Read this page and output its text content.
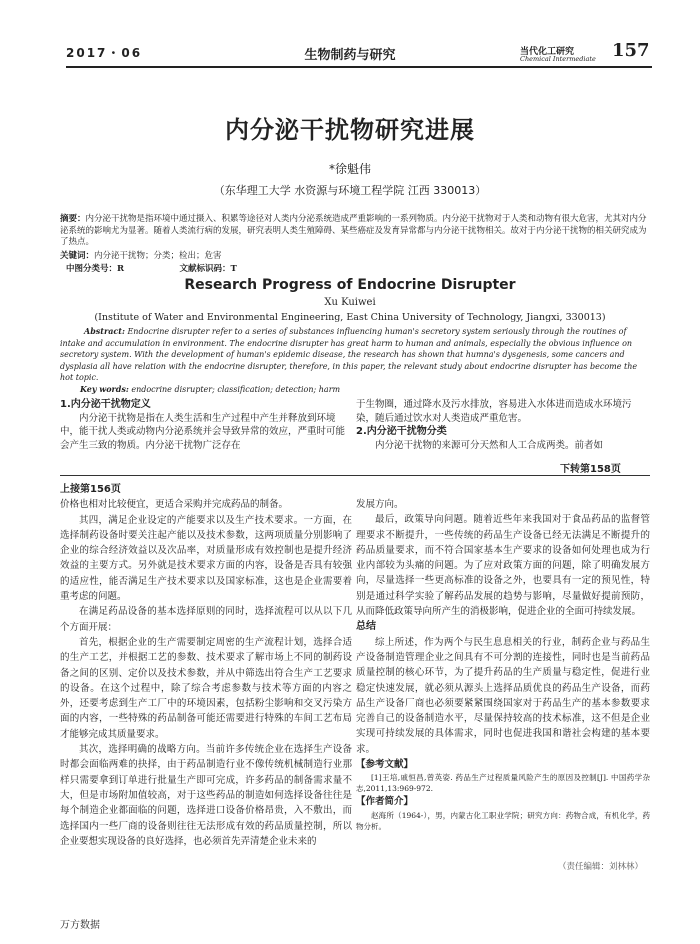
2017・06	生物制药与研究	当代化工研究
Chemical Intermediate 157
内分泌干扰物研究进展
*徐魁伟
（东华理工大学 水资源与环境工程学院 江西 330013）
摘要：内分泌干扰物是指环境中通过摄入、积累等途径对人类内分泌系统造成严重影响的一系列物质。内分泌干扰物对于人类和动物有很大危害，尤其对内分泌系统的影响尤为显著。随着人类流行病的发展，研究表明人类生殖障碍、某些癌症及发育异常都与内分泌干扰物相关。故对于内分泌干扰物的相关研究成为了热点。
关键词：内分泌干扰物；分类；检出；危害
中图分类号：R	文献标识码：T
Research Progress of Endocrine Disrupter
Xu Kuiwei
(Institute of Water and Environmental Engineering, East China University of Technology, Jiangxi, 330013)
Abstract: Endocrine disrupter refer to a series of substances influencing human's secretory system seriously through the routines of intake and accumulation in environment. The endocrine disrupter has great harm to human and animals, especially the obvious influence on secretory system. With the development of human's epidemic disease, the research has shown that humna's dysgenesis, some cancers and dysplasia all have relation with the endocrine disrupter, therefore, in this paper, the relevant study about endocrine disrupter has become the hot topic.
Key words: endocrine disrupter; classification; detection; harm
1.内分泌干扰物定义

内分泌干扰物是指在人类生活和生产过程中产生并释放到环境中，能干扰人类或动物内分泌系统并会导致异常的效应，严重时可能会产生三致的物质。内分泌干扰物广泛存在

于生物圈，通过降水及污水排放，容易进入水体进而造成水环境污染，随后通过饮水对人类造成严重危害。

2.内分泌干扰物分类

内分泌干扰物的来源可分天然和人工合成两类。前者如

下转第158页
上接第156页

价格也相对比较便宜，更适合采购并完成药品的制备。

其四，满足企业设定的产能要求以及生产技术要求。一方面，在选择制药设备时要关注起产能以及技术参数，这两项质量分别影响了企业的综合经济效益以及次品率，对质量形成有效控制也是提升经济效益的主要方式。另外就是技术要求方面的内容，设备是否具有较强的适应性，能否满足生产技术要求以及国家标准，这也是企业需要着重考虑的问题。

在满足药品设备的基本选择原则的同时，选择流程可以从以下几个方面开展：

首先，根据企业的生产需要制定周密的生产流程计划，选择合适的生产工艺，并根据工艺的参数、技术要求了解市场上不同的制药设备之间的区别、定价以及技术参数，并从中筛选出符合生产工艺要求的设备。在这个过程中，除了综合考虑参数与技术等方面的内容之外，还要考虑到生产工厂中的环境因素，包括粉尘影响和交叉污染方面的内容，一些特殊的药品制备可能还需要进行特殊的车间工艺布局才能够完成其质量要求。

其次，选择明确的战略方向。当前许多传统企业在选择生产设备时都会面临两难的抉择，由于药品制造行业不像传统机械制造行业那样只需要拿到订单进行批量生产即可完成，许多药品的制备需求量不大，但是市场附加值较高，对于这些药品的制造如何选择设备往往是每个制造企业都面临的问题，选择进口设备价格昂贵，入不敷出，而选择国内一些厂商的设备则往往无法形成有效的药品质量控制，所以企业要想实现设备的良好选择，也必须首先弄清楚企业未来的

发展方向。

最后，政策导向问题。随着近些年来我国对于食品药品的监督管理要求不断提升，一些传统的药品生产设备已经无法满足不断提升的药品质量要求，而不符合国家基本生产要求的设备如何处理也成为行业内部较为头痛的问题。为了应对政策方面的问题，除了明确发展方向，尽量选择一些更高标准的设备之外，也要具有一定的预见性，特别是通过科学实验了解药品发展的趋势与影响，尽量做好提前预防，从而降低政策导向所产生的消极影响，促进企业的全面可持续发展。

总结

综上所述，作为两个与民生息息相关的行业，制药企业与药品生产设备制造管理企业之间具有不可分割的连接性，同时也是当前药品质量控制的核心环节，为了提升药品的生产质量与稳定性，促进行业稳定快速发展，就必须从源头上选择品质优良的药品生产设备，而药品生产设备厂商也必须要紧紧围绕国家对于药品生产的基本参数要求完善自己的设备制造水平，尽量保持较高的技术标准，这不但是企业实现可持续发展的具体需求，同时也促进我国和谐社会构建的基本要求。

【参考文献】

[1]王培,戚恒昌,曾英姿. 药品生产过程质量风险产生的原因及控制[J]. 中国药学杂志,2011,13:969-972.

【作者简介】

赵海所（1964-），男，内蒙古化工职业学院；研究方向：药物合成，有机化学，药物分析。

（责任编辑：刘林林）
万方数据
